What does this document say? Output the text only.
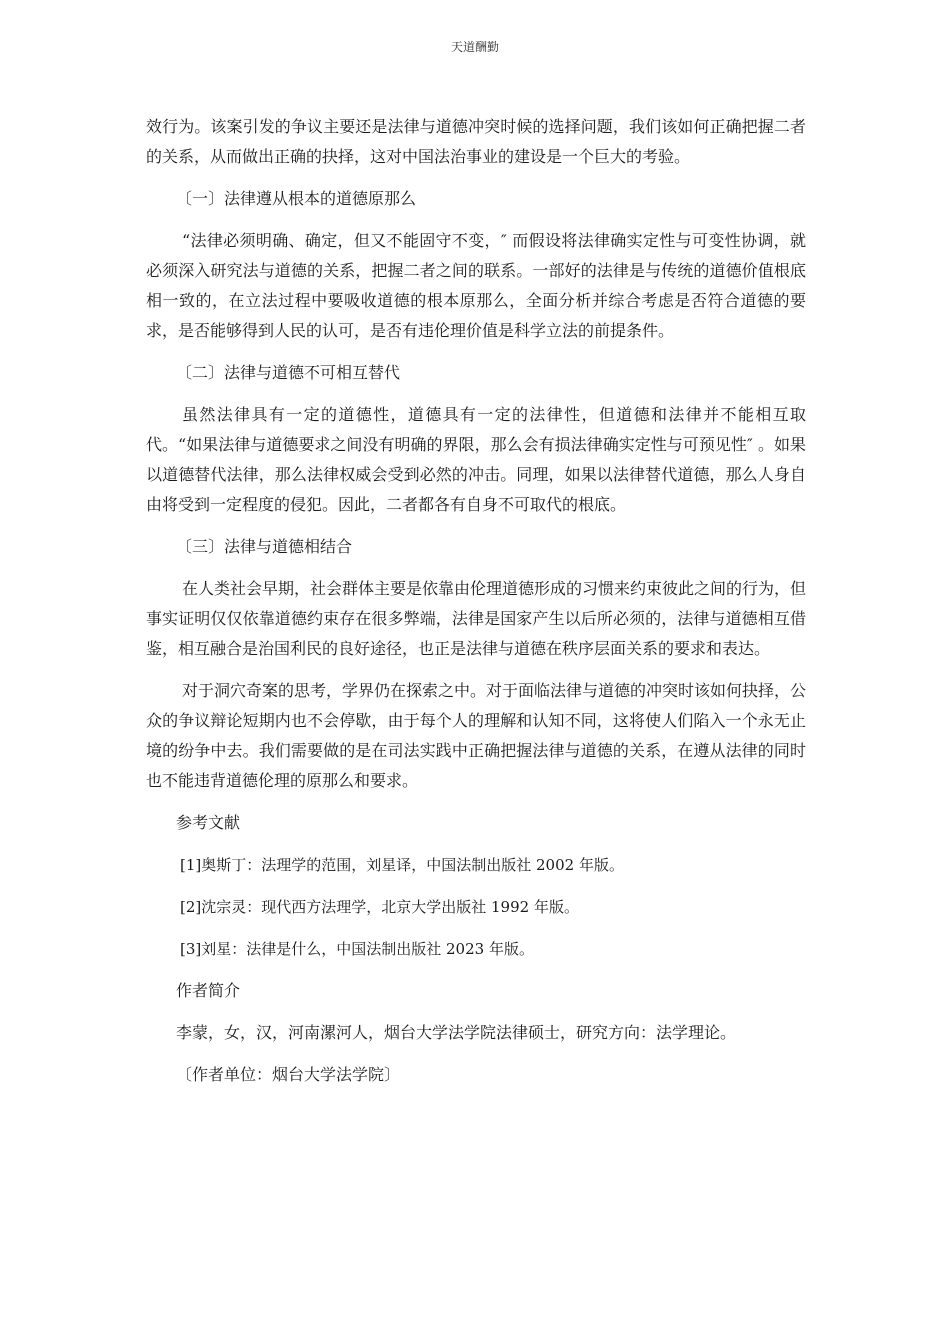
天道酬勤

效行为。该案引发的争议主要还是法律与道德冲突时候的选择问题，我们该如何正确把握二者的关系，从而做出正确的抉择，这对中国法治事业的建设是一个巨大的考验。

〔一〕法律遵从根本的道德原那么

“法律必须明确、确定，但又不能固守不变，″ 而假设将法律确实定性与可变性协调，就必须深入研究法与道德的关系，把握二者之间的联系。一部好的法律是与传统的道德价值根底相一致的，在立法过程中要吸收道德的根本原那么，全面分析并综合考虑是否符合道德的要求，是否能够得到人民的认可，是否有违伦理价值是科学立法的前提条件。

〔二〕法律与道德不可相互替代

虽然法律具有一定的道德性，道德具有一定的法律性，但道德和法律并不能相互取代。“如果法律与道德要求之间没有明确的界限，那么会有损法律确实定性与可预见性″ 。如果以道德替代法律，那么法律权威会受到必然的冲击。同理，如果以法律替代道德，那么人身自由将受到一定程度的侵犯。因此，二者都各有自身不可取代的根底。

〔三〕法律与道德相结合

在人类社会早期，社会群体主要是依靠由伦理道德形成的习惯来约束彼此之间的行为，但事实证明仅仅依靠道德约束存在很多弊端，法律是国家产生以后所必须的，法律与道德相互借鉴，相互融合是治国利民的良好途径，也正是法律与道德在秩序层面关系的要求和表达。

对于洞穴奇案的思考，学界仍在探索之中。对于面临法律与道德的冲突时该如何抉择，公众的争议辩论短期内也不会停歇，由于每个人的理解和认知不同，这将使人们陷入一个永无止境的纷争中去。我们需要做的是在司法实践中正确把握法律与道德的关系，在遵从法律的同时也不能违背道德伦理的原那么和要求。

参考文献
[1]奥斯丁：法理学的范围，刘星译，中国法制出版社 2002 年版。
[2]沈宗灵：现代西方法理学，北京大学出版社 1992 年版。
[3]刘星：法律是什么，中国法制出版社 2023 年版。
作者简介
李蒙，女，汉，河南漯河人，烟台大学法学院法律硕士，研究方向：法学理论。
〔作者单位：烟台大学法学院〕
